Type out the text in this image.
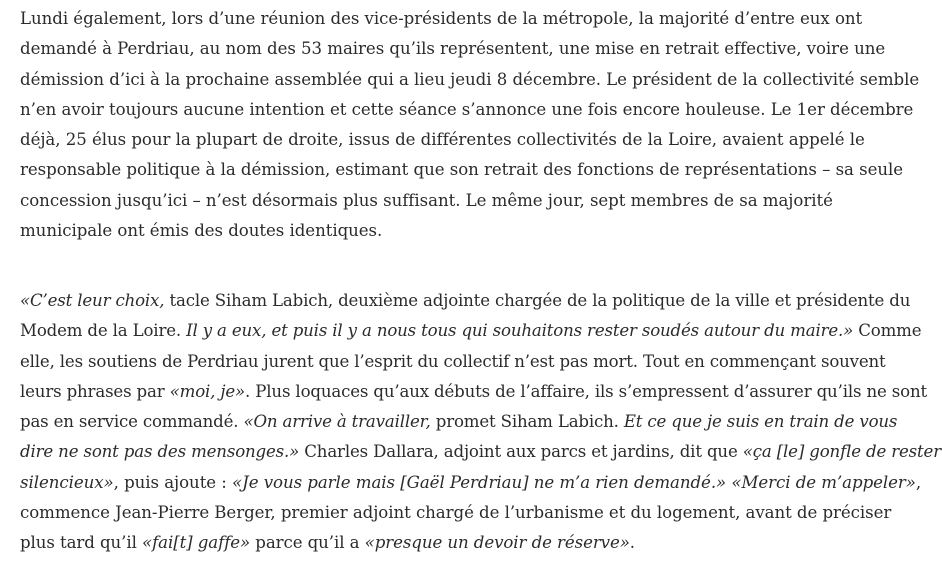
Lundi également, lors d’une réunion des vice-présidents de la métropole, la majorité d’entre eux ont
demandé à Perdriau, au nom des 53 maires qu’ils représentent, une mise en retrait effective, voire une
démission d’ici à la prochaine assemblée qui a lieu jeudi 8 décembre. Le président de la collectivité semble
n’en avoir toujours aucune intention et cette séance s’annonce une fois encore houleuse. Le 1er décembre
déjà, 25 élus pour la plupart de droite, issus de différentes collectivités de la Loire, avaient appelé le
responsable politique à la démission, estimant que son retrait des fonctions de représentations – sa seule
concession jusqu’ici – n’est désormais plus suffisant. Le même jour, sept membres de sa majorité
municipale ont émis des doutes identiques.
«C’est leur choix, tacle Siham Labich, deuxième adjointe chargée de la politique de la ville et présidente du
Modem de la Loire. Il y a eux, et puis il y a nous tous qui souhaitons rester soudés autour du maire.» Comme
elle, les soutiens de Perdriau jurent que l’esprit du collectif n’est pas mort. Tout en commençant souvent
leurs phrases par «moi, je». Plus loquaces qu’aux débuts de l’affaire, ils s’empressent d’assurer qu’ils ne sont
pas en service commandé. «On arrive à travailler, promet Siham Labich. Et ce que je suis en train de vous
dire ne sont pas des mensonges.» Charles Dallara, adjoint aux parcs et jardins, dit que «ça [le] gonfle de rester
silencieux», puis ajoute : «Je vous parle mais [Gaël Perdriau] ne m’a rien demandé.» «Merci de m’appeler»,
commence Jean-Pierre Berger, premier adjoint chargé de l’urbanisme et du logement, avant de préciser
plus tard qu’il «fai[t] gaffe» parce qu’il a «presque un devoir de réserve».
